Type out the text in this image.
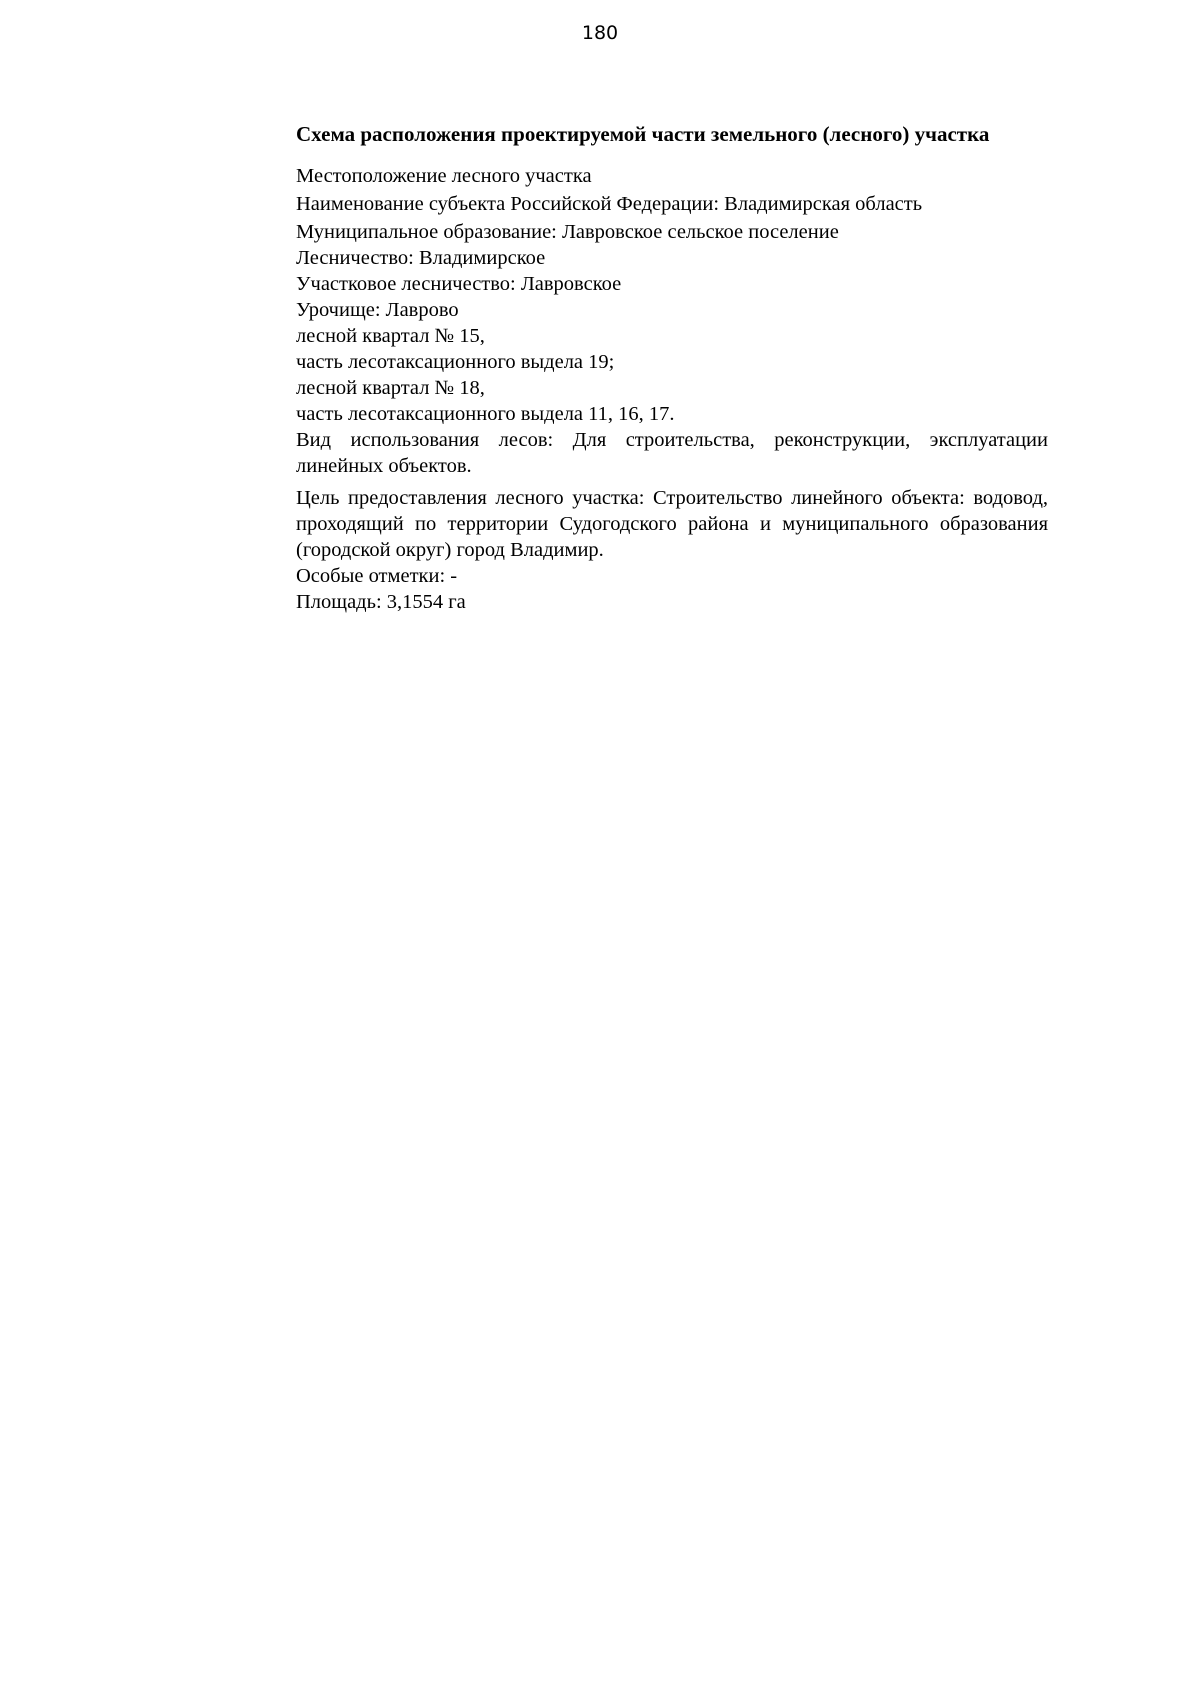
180
Схема расположения проектируемой части земельного (лесного) участка
Местоположение лесного участка
Наименование субъекта Российской Федерации: Владимирская область
Муниципальное образование: Лавровское сельское поселение
Лесничество: Владимирское
Участковое лесничество: Лавровское
Урочище: Лаврово
лесной квартал № 15,
часть лесотаксационного выдела 19;
лесной квартал № 18,
часть лесотаксационного выдела 11, 16, 17.
Вид использования лесов: Для строительства, реконструкции, эксплуатации линейных объектов.
Цель предоставления лесного участка: Строительство линейного объекта: водовод, проходящий по территории Судогодского района и муниципального образования (городской округ) город Владимир.
Особые отметки: -
Площадь: 3,1554 га
